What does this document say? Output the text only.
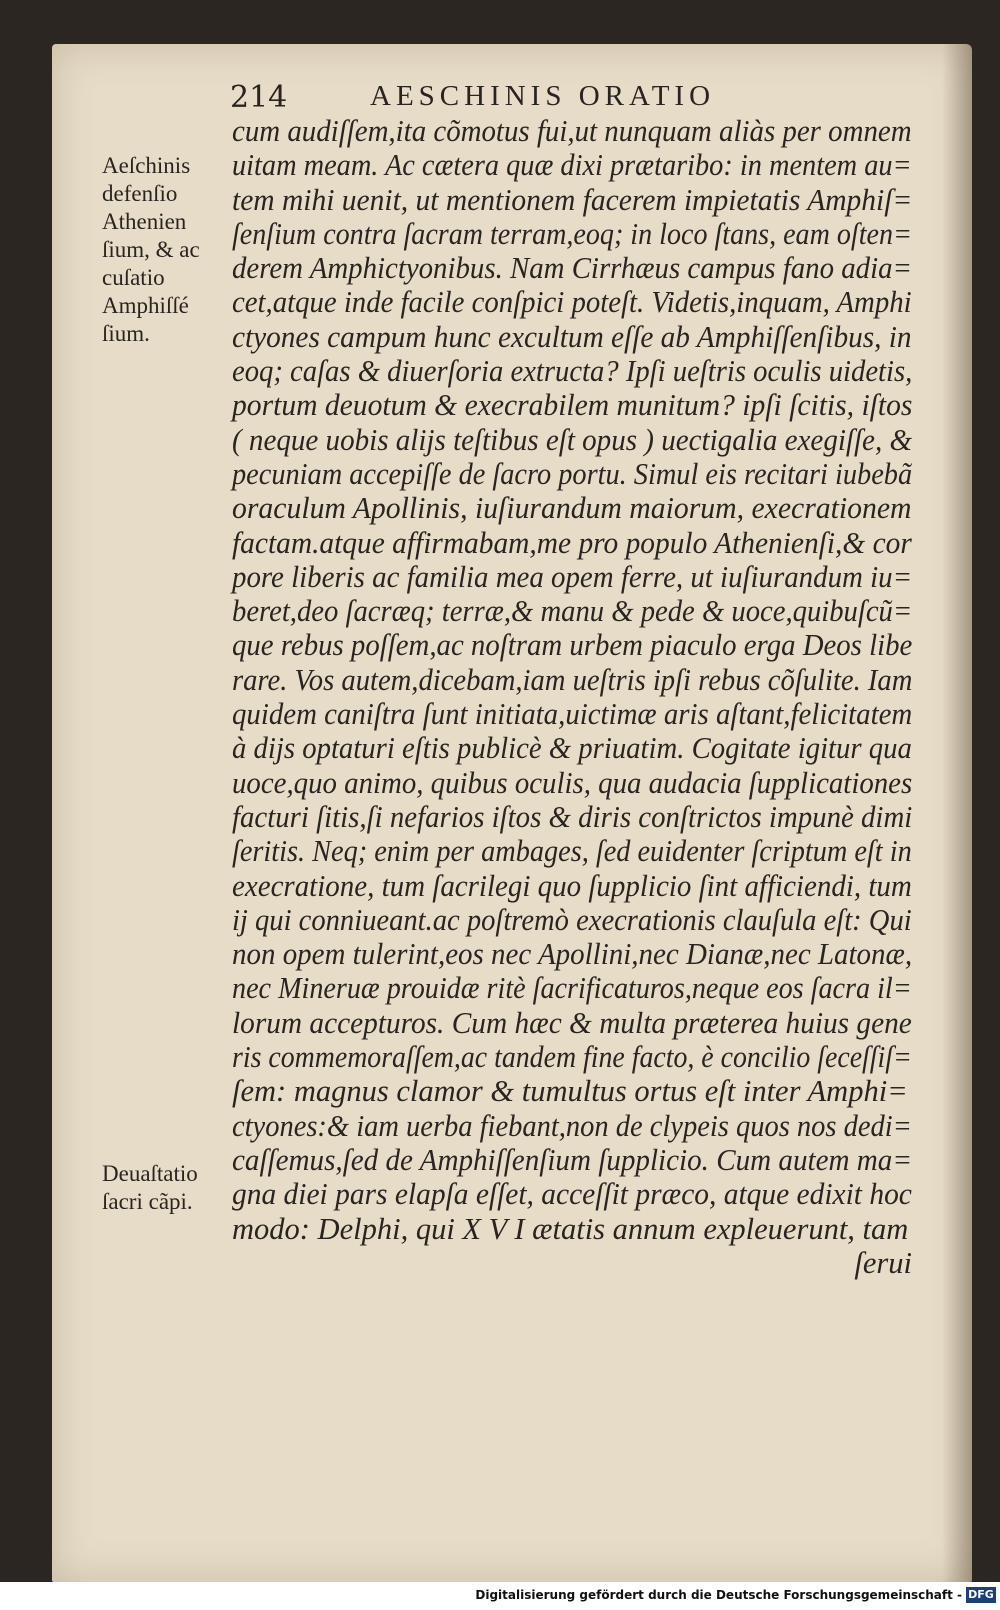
214	AESCHINIS ORATIO
Aeſchinis
defenſio
Athenien
ſium, & ac
cuſatio
Amphiſſé
ſium.
Deuaſtatio
ſacri cãpi.
cum audiſſem,ita cõmotus fui,ut nunquam aliàs per omnem
uitam meam. Ac cætera quæ dixi prætaribo: in mentem au=
tem mihi uenit, ut mentionem facerem impietatis Amphiſ=
ſenſium contra ſacram terram,eoq; in loco ſtans, eam oſten=
derem Amphictyonibus. Nam Cirrhæus campus fano adia=
cet,atque inde facile conſpici poteſt. Videtis,inquam, Amphi
ctyones campum hunc excultum eſſe ab Amphiſſenſibus, in
eoq; caſas & diuerſoria extructa? Ipſi ueſtris oculis uidetis,
portum deuotum & execrabilem munitum? ipſi ſcitis, iſtos
( neque uobis alijs teſtibus eſt opus ) uectigalia exegiſſe, &
pecuniam accepiſſe de ſacro portu. Simul eis recitari iubebã
oraculum Apollinis, iuſiurandum maiorum, execrationem
factam.atque affirmabam,me pro populo Athenienſi,& cor
pore liberis ac familia mea opem ferre, ut iuſiurandum iu=
beret,deo ſacræq; terræ,& manu & pede & uoce,quibuſcũ=
que rebus poſſem,ac noſtram urbem piaculo erga Deos libe
rare. Vos autem,dicebam,iam ueſtris ipſi rebus cõſulite. Iam
quidem caniſtra ſunt initiata,uictimæ aris aſtant,felicitatem
à dijs optaturi eſtis publicè & priuatim. Cogitate igitur qua
uoce,quo animo, quibus oculis, qua audacia ſupplicationes
facturi ſitis,ſi nefarios iſtos & diris conſtrictos impunè dimi
ſeritis. Neq; enim per ambages, ſed euidenter ſcriptum eſt in
execratione, tum ſacrilegi quo ſupplicio ſint afficiendi, tum
ij qui conniueant.ac poſtremò execrationis clauſula eſt: Qui
non opem tulerint,eos nec Apollini,nec Dianæ,nec Latonæ,
nec Mineruæ prouidæ ritè ſacrificaturos,neque eos ſacra il=
lorum accepturos. Cum hæc & multa præterea huius gene
ris commemoraſſem,ac tandem fine facto, è concilio ſeceſſiſ=
ſem: magnus clamor & tumultus ortus eſt inter Amphi=
ctyones:& iam uerba fiebant,non de clypeis quos nos dedi=
caſſemus,ſed de Amphiſſenſium ſupplicio. Cum autem ma=
gna diei pars elapſa eſſet, acceſſit præco, atque edixit hoc
modo: Delphi, qui X V I ætatis annum expleuerunt, tam
ſerui
Digitalisierung gefördert durch die Deutsche Forschungsgemeinschaft - DFG
